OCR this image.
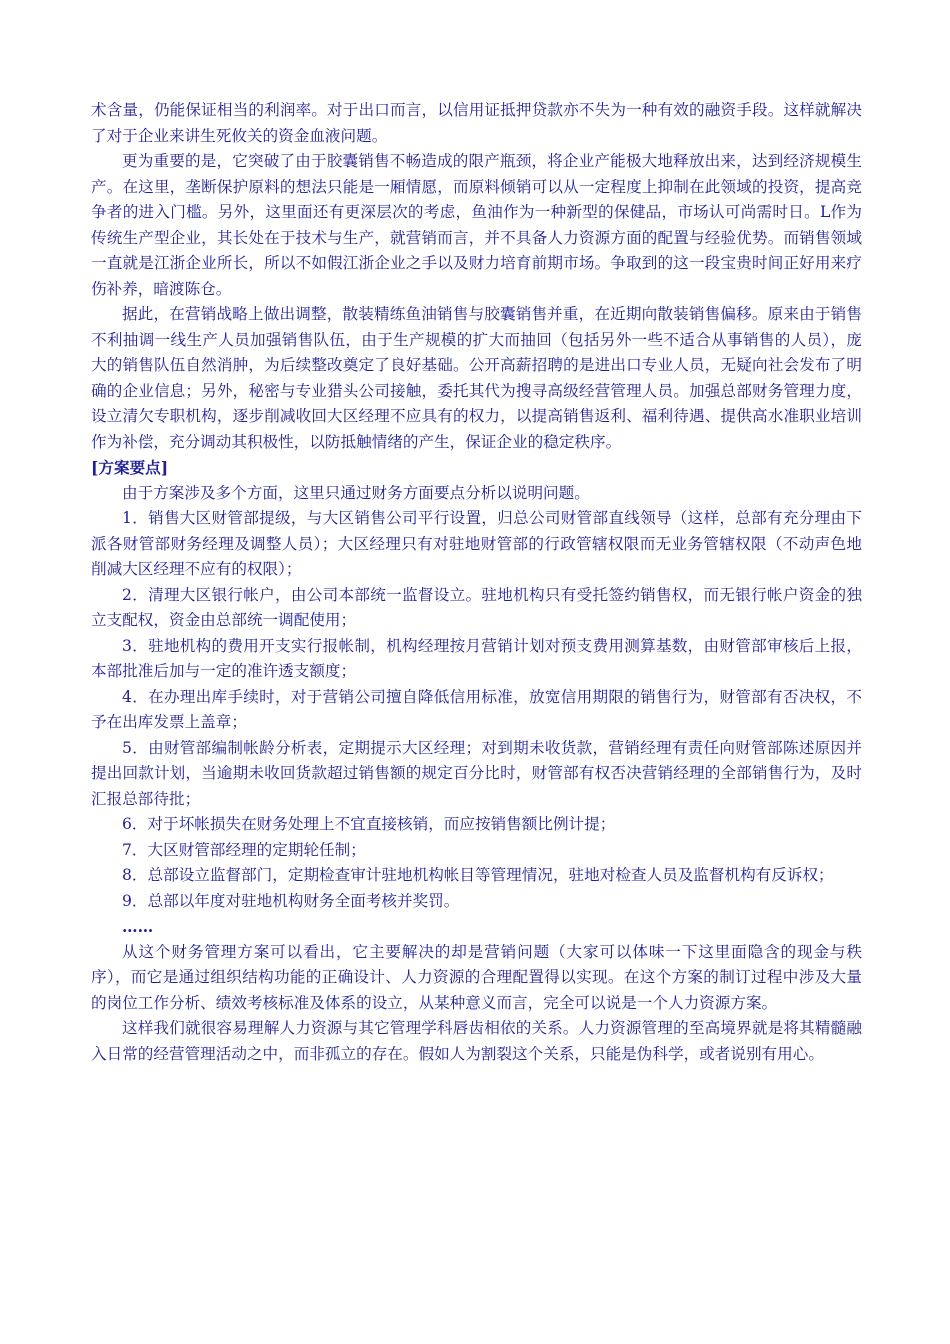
术含量，仍能保证相当的利润率。对于出口而言，以信用证抵押贷款亦不失为一种有效的融资手段。这样就解决了对于企业来讲生死攸关的资金血液问题。

更为重要的是，它突破了由于胶囊销售不畅造成的限产瓶颈，将企业产能极大地释放出来，达到经济规模生产。在这里，垄断保护原料的想法只能是一厢情愿，而原料倾销可以从一定程度上抑制在此领域的投资，提高竞争者的进入门槛。另外，这里面还有更深层次的考虑，鱼油作为一种新型的保健品，市场认可尚需时日。L作为传统生产型企业，其长处在于技术与生产，就营销而言，并不具备人力资源方面的配置与经验优势。而销售领域一直就是江浙企业所长，所以不如假江浙企业之手以及财力培育前期市场。争取到的这一段宝贵时间正好用来疗伤补养，暗渡陈仓。

据此，在营销战略上做出调整，散装精练鱼油销售与胶囊销售并重，在近期向散装销售偏移。原来由于销售不利抽调一线生产人员加强销售队伍，由于生产规模的扩大而抽回（包括另外一些不适合从事销售的人员），庞大的销售队伍自然消肿，为后续整改奠定了良好基础。公开高薪招聘的是进出口专业人员，无疑向社会发布了明确的企业信息；另外，秘密与专业猎头公司接触，委托其代为搜寻高级经营管理人员。加强总部财务管理力度，设立清欠专职机构，逐步削减收回大区经理不应具有的权力，以提高销售返利、福利待遇、提供高水准职业培训作为补偿，充分调动其积极性，以防抵触情绪的产生，保证企业的稳定秩序。

[方案要点]

由于方案涉及多个方面，这里只通过财务方面要点分析以说明问题。

1．销售大区财管部提级，与大区销售公司平行设置，归总公司财管部直线领导（这样，总部有充分理由下派各财管部财务经理及调整人员）；大区经理只有对驻地财管部的行政管辖权限而无业务管辖权限（不动声色地削减大区经理不应有的权限）；

2．清理大区银行帐户，由公司本部统一监督设立。驻地机构只有受托签约销售权，而无银行帐户资金的独立支配权，资金由总部统一调配使用；

3．驻地机构的费用开支实行报帐制，机构经理按月营销计划对预支费用测算基数，由财管部审核后上报，本部批准后加与一定的准许透支额度；

4．在办理出库手续时，对于营销公司擅自降低信用标准，放宽信用期限的销售行为，财管部有否决权，不予在出库发票上盖章；

5．由财管部编制帐龄分析表，定期提示大区经理；对到期未收货款，营销经理有责任向财管部陈述原因并提出回款计划，当逾期未收回货款超过销售额的规定百分比时，财管部有权否决营销经理的全部销售行为，及时汇报总部待批；

6．对于坏帐损失在财务处理上不宜直接核销，而应按销售额比例计提；

7．大区财管部经理的定期轮任制；

8．总部设立监督部门，定期检查审计驻地机构帐目等管理情况，驻地对检查人员及监督机构有反诉权；

9．总部以年度对驻地机构财务全面考核并奖罚。

……

从这个财务管理方案可以看出，它主要解决的却是营销问题（大家可以体味一下这里面隐含的现金与秩序），而它是通过组织结构功能的正确设计、人力资源的合理配置得以实现。在这个方案的制订过程中涉及大量的岗位工作分析、绩效考核标准及体系的设立，从某种意义而言，完全可以说是一个人力资源方案。

这样我们就很容易理解人力资源与其它管理学科唇齿相依的关系。人力资源管理的至高境界就是将其精髓融入日常的经营管理活动之中，而非孤立的存在。假如人为割裂这个关系，只能是伪科学，或者说别有用心。
